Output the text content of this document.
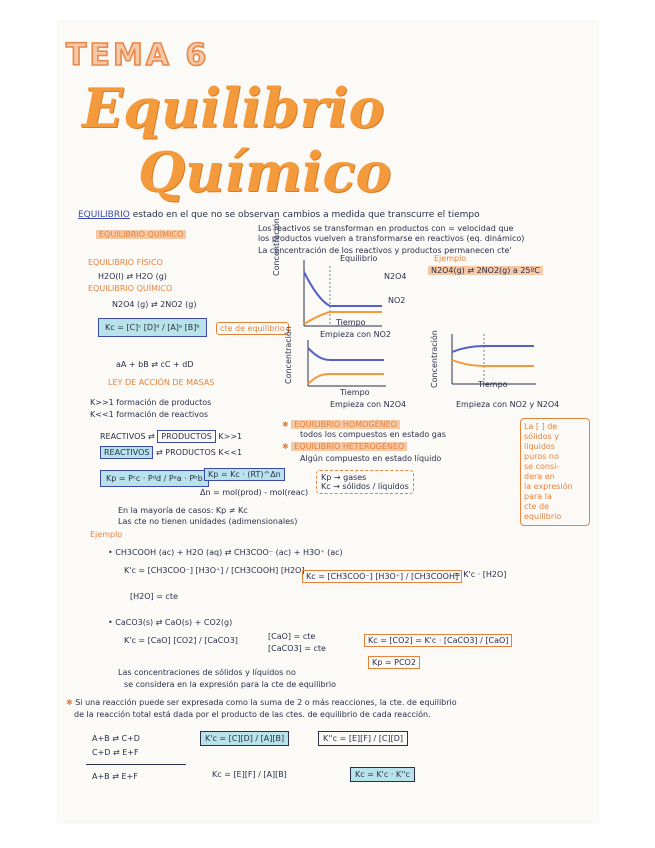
TEMA 6
Equilibrio
Químico
EQUILIBRIO estado en el que no se observan cambios a medida que transcurre el tiempo
EQUILIBRIO QUÍMICO
Los reactivos se transforman en productos con = velocidad que
los productos vuelven a transformarse en reactivos (eq. dinámico)
La concentración de los reactivos y productos permanecen cte'
EQUILIBRIO FÍSICO
H2O(l) ⇄ H2O (g)
EQUILIBRIO QUÍMICO
N2O4 (g) ⇄ 2NO2 (g)
Ejemplo
N2O4(g) ⇄ 2NO2(g) a 25ºC
Concentración	Equilibrio
N2O4
NO2
Tiempo
Empieza con NO2
Kc = [C]ᶜ [D]ᵈ / [A]ᵃ [B]ᵇ	cte de equilibrio
aA + bB ⇄ cC + dD
LEY DE ACCIÓN DE MASAS	Concentración
Tiempo
Empieza con N2O4
Concentración	Tiempo
Empieza con NO2 y N2O4
K>>1 formación de productos
K<<1 formación de reactivos
REACTIVOS ⇄ PRODUCTOS K>>1
REACTIVOS ⇄ PRODUCTOS K<<1
✱ EQUILIBRIO HOMOGÉNEO
todos los compuestos en estado gas
✱ EQUILIBRIO HETEROGÉNEO
Algún compuesto en estado líquido
La [ ] de
sólidos y
líquidos
puros no
se consi-
dera en
la expresión
para la
cte de
equilibrio
Kp = Pᶜc · Pᵈd / Pᵃa · Pᵇb Kp = Kc · (RT)^Δn
Δn = mol(prod) - mol(reac)
Kp → gases
Kc → sólidos / líquidos
En la mayoría de casos: Kp ≠ Kc
Las cte no tienen unidades (adimensionales)
Ejemplo
• CH3COOH (ac) + H2O (aq) ⇄ CH3COO⁻ (ac) + H3O⁺ (ac)
K'c = [CH3COO⁻] [H3O⁺] / [CH3COOH] [H2O]
Kc = [CH3COO⁻] [H3O⁺] / [CH3COOH]
= K'c · [H2O]
[H2O] = cte
• CaCO3(s) ⇄ CaO(s) + CO2(g)
K'c = [CaO] [CO2] / [CaCO3]	[CaO] = cte
[CaCO3] = cte
Kc = [CO2] = K'c · [CaCO3] / [CaO]
Kp = PCO2
Las concentraciones de sólidos y líquidos no
se considera en la expresión para la cte de equilibrio
✱ Si una reacción puede ser expresada como la suma de 2 o más reacciones, la cte. de equilibrio
de la reacción total está dada por el producto de las ctes. de equilibrio de cada reacción.
A+B ⇄ C+D
C+D ⇄ E+F
A+B ⇄ E+F
K'c = [C][D] / [A][B]	K''c = [E][F] / [C][D]
Kc = [E][F] / [A][B]	Kc = K'c · K''c
